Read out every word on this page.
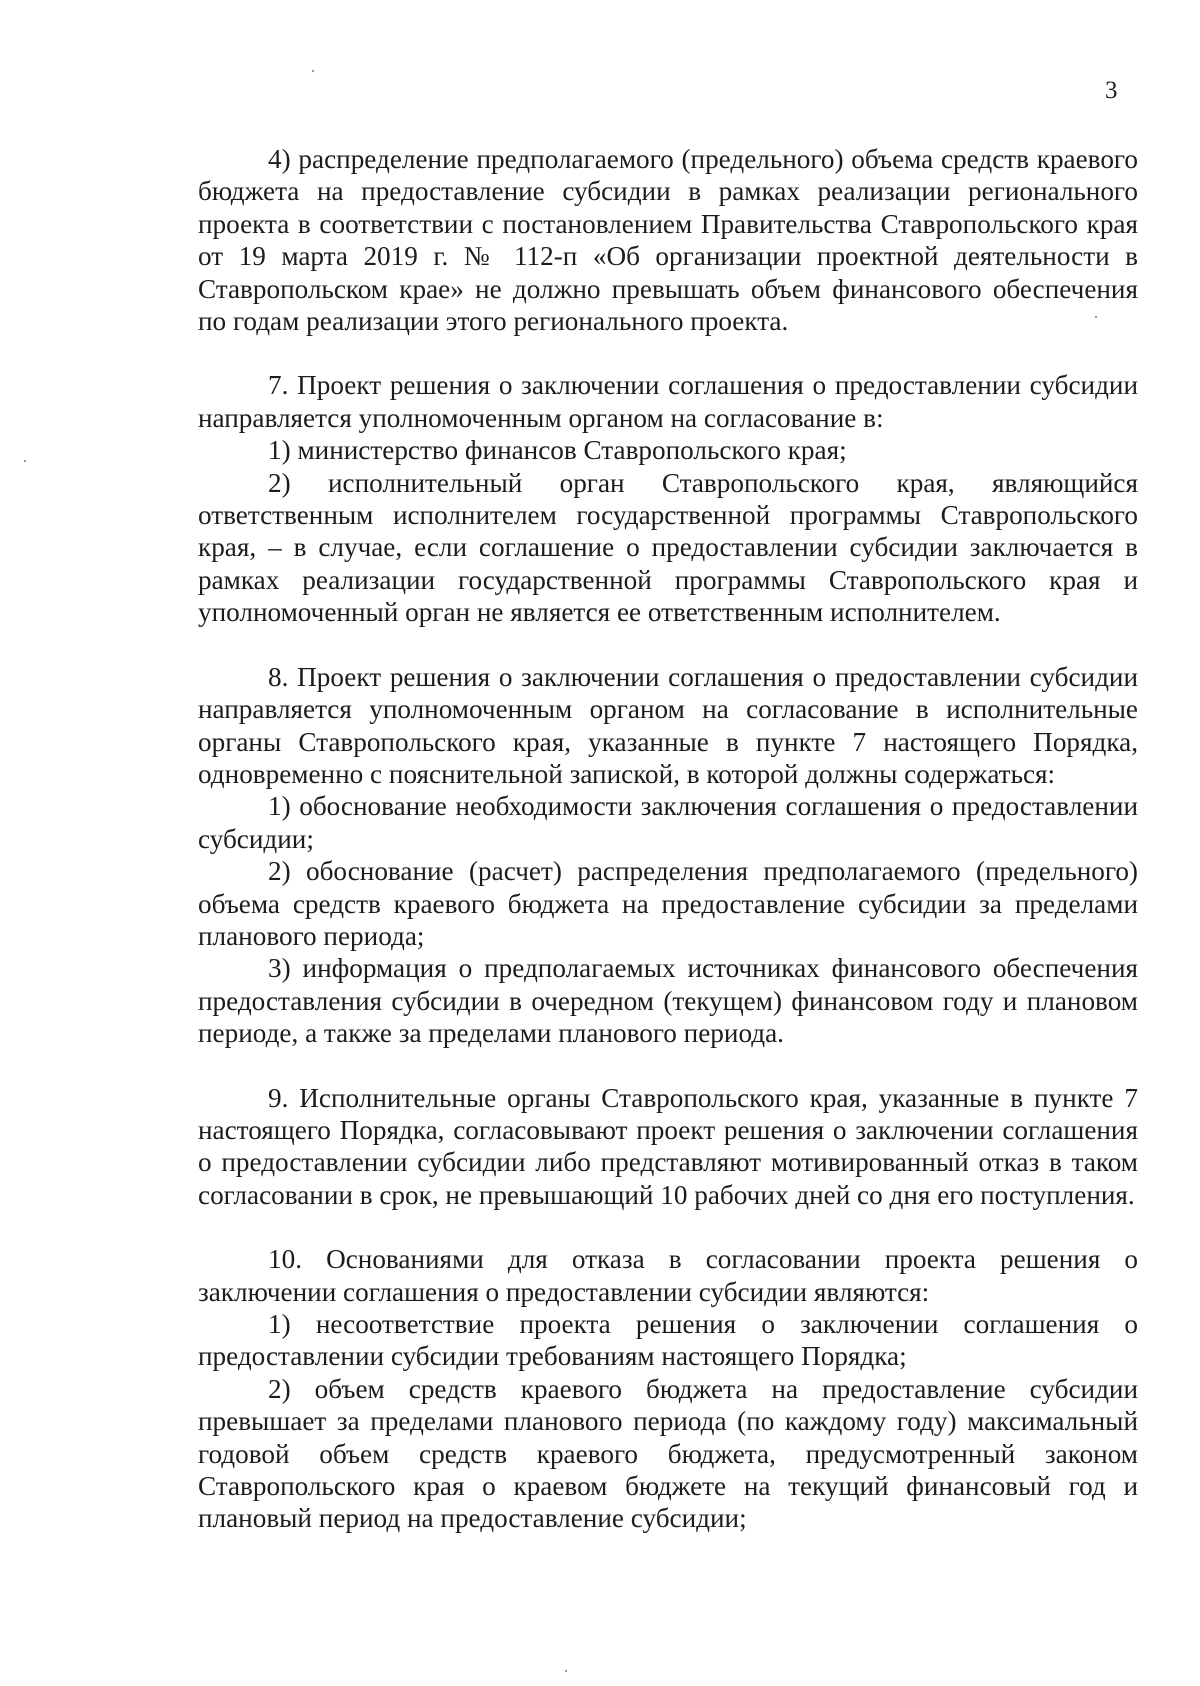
3

4) распределение предполагаемого (предельного) объема средств краевого бюджета на предоставление субсидии в рамках реализации регионального проекта в соответствии с постановлением Правительства Ставропольского края от 19 марта 2019 г. № 112-п «Об организации проектной деятельности в Ставропольском крае» не должно превышать объем финансового обеспечения по годам реализации этого регионального проекта.

7. Проект решения о заключении соглашения о предоставлении субсидии направляется уполномоченным органом на согласование в:

1) министерство финансов Ставропольского края;

2) исполнительный орган Ставропольского края, являющийся ответственным исполнителем государственной программы Ставропольского края, – в случае, если соглашение о предоставлении субсидии заключается в рамках реализации государственной программы Ставропольского края и уполномоченный орган не является ее ответственным исполнителем.

8. Проект решения о заключении соглашения о предоставлении субсидии направляется уполномоченным органом на согласование в исполнительные органы Ставропольского края, указанные в пункте 7 настоящего Порядка, одновременно с пояснительной запиской, в которой должны содержаться:

1) обоснование необходимости заключения соглашения о предоставлении субсидии;

2) обоснование (расчет) распределения предполагаемого (предельного) объема средств краевого бюджета на предоставление субсидии за пределами планового периода;

3) информация о предполагаемых источниках финансового обеспечения предоставления субсидии в очередном (текущем) финансовом году и плановом периоде, а также за пределами планового периода.

9. Исполнительные органы Ставропольского края, указанные в пункте 7 настоящего Порядка, согласовывают проект решения о заключении соглашения о предоставлении субсидии либо представляют мотивированный отказ в таком согласовании в срок, не превышающий 10 рабочих дней со дня его поступления.

10. Основаниями для отказа в согласовании проекта решения о заключении соглашения о предоставлении субсидии являются:

1) несоответствие проекта решения о заключении соглашения о предоставлении субсидии требованиям настоящего Порядка;

2) объем средств краевого бюджета на предоставление субсидии превышает за пределами планового периода (по каждому году) максимальный годовой объем средств краевого бюджета, предусмотренный законом Ставропольского края о краевом бюджете на текущий финансовый год и плановый период на предоставление субсидии;
